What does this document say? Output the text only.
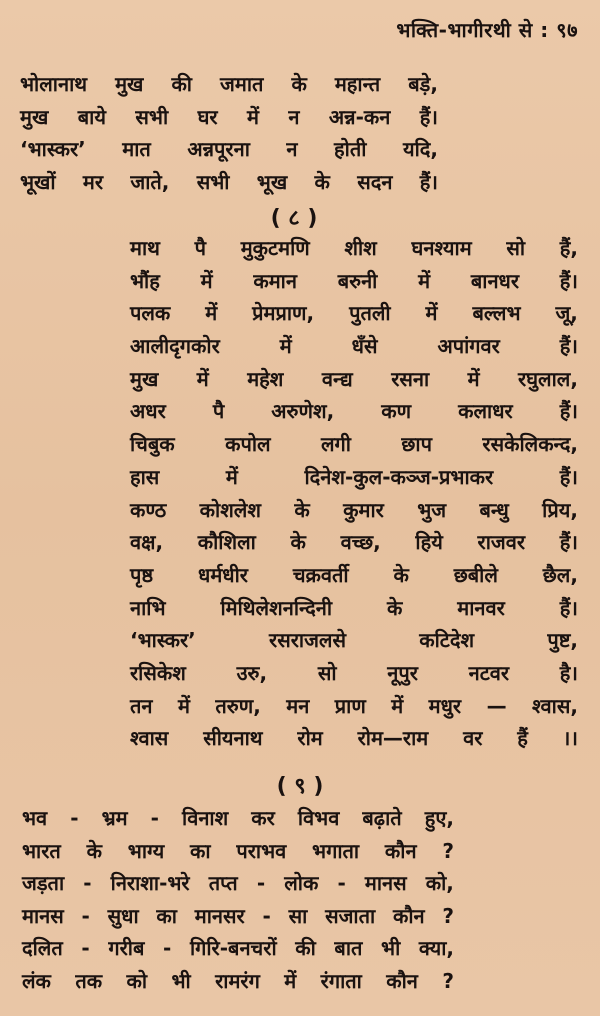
भक्ति-भागीरथी से : ९७
भोलानाथ मुख की जमात के महान्त बड़े,
मुख बाये सभी घर में न अन्न-कन हैं।
‘भास्कर’ मात अन्नपूरना न होती यदि,
भूखों मर जाते, सभी भूख के सदन हैं।
( ८ )
माथ पै मुकुटमणि शीश घनश्याम सो हैं,
भौंह में कमान बरुनी में बानधर हैं।
पलक में प्रेमप्राण, पुतली में बल्लभ जू,
आलीदृगकोर	में	धँसे	अपांगवर	हैं।
मुख में महेश वन्द्य रसना में रघुलाल,
अधर पै अरुणेश, कण कलाधर हैं।
चिबुक	कपोल	लगी	छाप	रसकेलिकन्द,
हास	में	दिनेश-कुल-कञ्ज-प्रभाकर	हैं।
कण्ठ कोशलेश के कुमार भुज बन्धु प्रिय,
वक्ष, कौशिला के वच्छ, हिये राजवर हैं।
पृष्ठ धर्मधीर चक्रवर्ती के छबीले छैल,
नाभि	मिथिलेशनन्दिनी	के	मानवर	हैं।
‘भास्कर’	रसराजलसे	कटिदेश	पुष्ट,
रसिकेश	उरु,	सो	नूपुर	नटवर	है।
तन में तरुण, मन प्राण में मधुर — श्वास,
श्वास सीयनाथ रोम रोम—राम वर हैं ।।
( ९ )
भव - भ्रम - विनाश कर विभव बढ़ाते हुए,
भारत के भाग्य का पराभव भगाता कौन ?
जड़ता - निराशा-भरे तप्त - लोक - मानस को,
मानस - सुधा का मानसर - सा सजाता कौन ?
दलित - गरीब - गिरि-बनचरों की बात भी क्या,
लंक तक को भी रामरंग में रंगाता कौन ?
